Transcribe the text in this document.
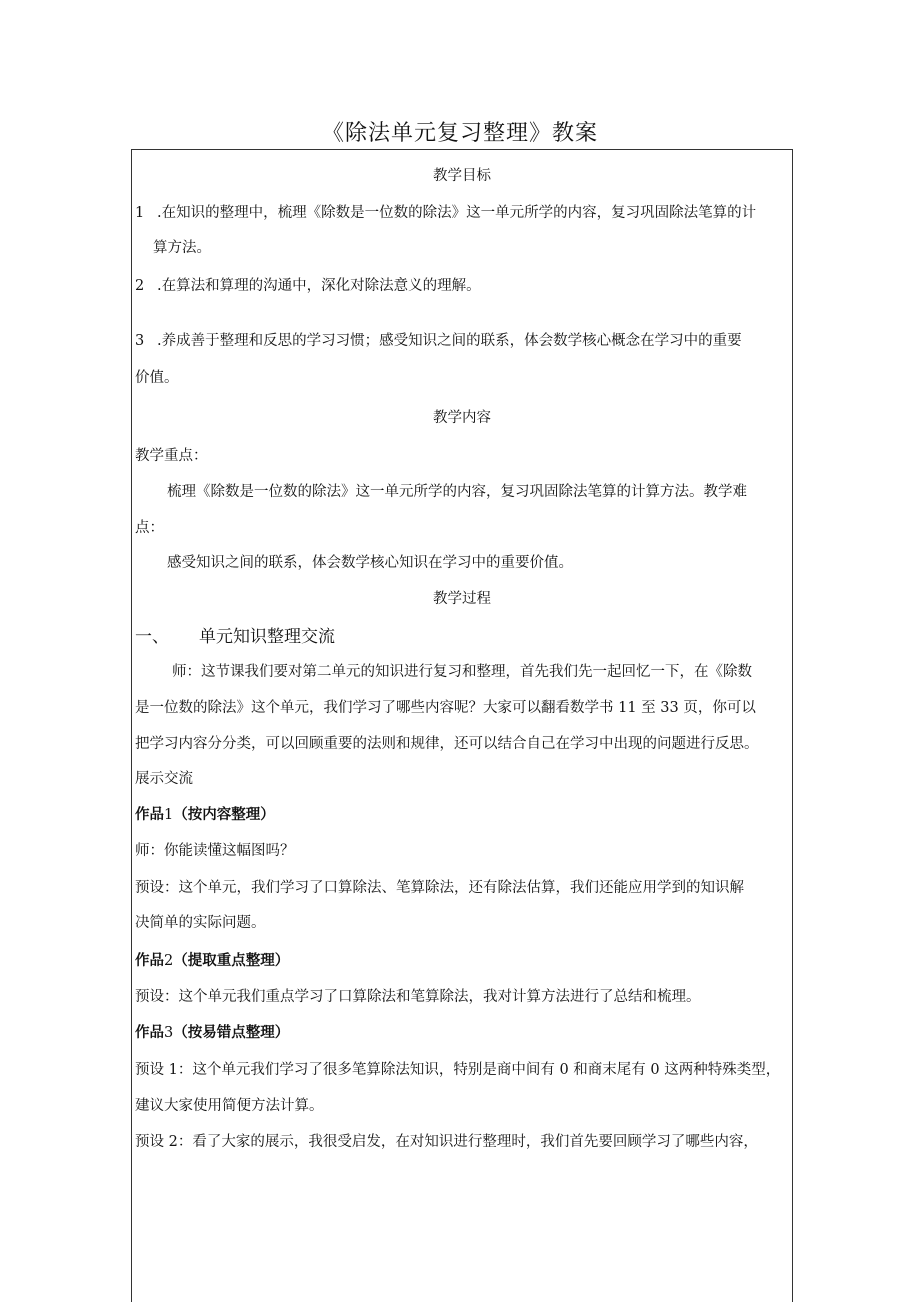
《除法单元复习整理》教案
教学目标
1 .在知识的整理中，梳理《除数是一位数的除法》这一单元所学的内容，复习巩固除法笔算的计
算方法。
2 .在算法和算理的沟通中，深化对除法意义的理解。
3 .养成善于整理和反思的学习习惯；感受知识之间的联系，体会数学核心概念在学习中的重要
价值。
教学内容
教学重点：
梳理《除数是一位数的除法》这一单元所学的内容，复习巩固除法笔算的计算方法。教学难
点：
感受知识之间的联系，体会数学核心知识在学习中的重要价值。
教学过程
一、 单元知识整理交流
师：这节课我们要对第二单元的知识进行复习和整理，首先我们先一起回忆一下，在《除数
是一位数的除法》这个单元，我们学习了哪些内容呢？大家可以翻看数学书 11 至 33 页，你可以
把学习内容分分类，可以回顾重要的法则和规律，还可以结合自己在学习中出现的问题进行反思。
展示交流
作品1（按内容整理）
师：你能读懂这幅图吗？
预设：这个单元，我们学习了口算除法、笔算除法，还有除法估算，我们还能应用学到的知识解
决简单的实际问题。
作品2（提取重点整理）
预设：这个单元我们重点学习了口算除法和笔算除法，我对计算方法进行了总结和梳理。
作品3（按易错点整理）
预设 1：这个单元我们学习了很多笔算除法知识，特别是商中间有 0 和商末尾有 0 这两种特殊类型，
建议大家使用简便方法计算。
预设 2：看了大家的展示，我很受启发，在对知识进行整理时，我们首先要回顾学习了哪些内容，
